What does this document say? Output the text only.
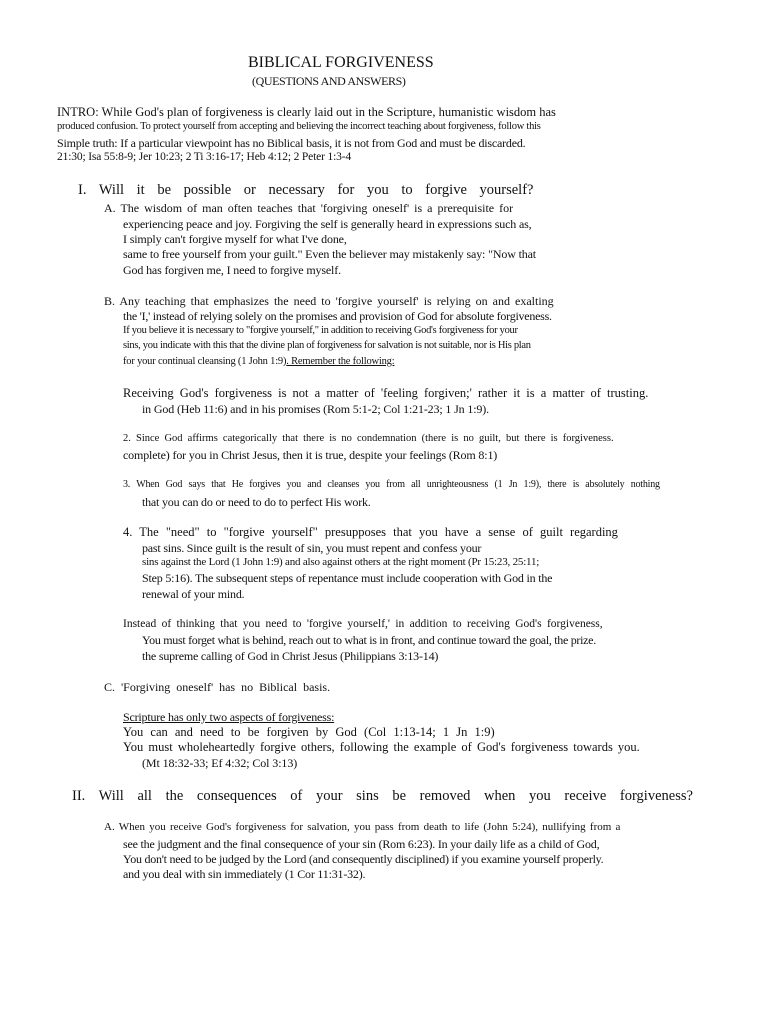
BIBLICAL FORGIVENESS
(QUESTIONS AND ANSWERS)
INTRO: While God's plan of forgiveness is clearly laid out in the Scripture, humanistic wisdom has
produced confusion. To protect yourself from accepting and believing the incorrect teaching about forgiveness, follow this
Simple truth: If a particular viewpoint has no Biblical basis, it is not from God and must be discarded.
21:30; Isa 55:8-9; Jer 10:23; 2 Ti 3:16-17; Heb 4:12; 2 Peter 1:3-4
I. Will it be possible or necessary for you to forgive yourself?
A. The wisdom of man often teaches that 'forgiving oneself' is a prerequisite for
experiencing peace and joy. Forgiving the self is generally heard in expressions such as,
I simply can't forgive myself for what I've done,
same to free yourself from your guilt." Even the believer may mistakenly say: "Now that
God has forgiven me, I need to forgive myself.
B. Any teaching that emphasizes the need to 'forgive yourself' is relying on and exalting
the 'I,' instead of relying solely on the promises and provision of God for absolute forgiveness.
If you believe it is necessary to "forgive yourself," in addition to receiving God's forgiveness for your
sins, you indicate with this that the divine plan of forgiveness for salvation is not suitable, nor is His plan
for your continual cleansing (1 John 1:9). Remember the following:
Receiving God's forgiveness is not a matter of 'feeling forgiven;' rather it is a matter of trusting.
in God (Heb 11:6) and in his promises (Rom 5:1-2; Col 1:21-23; 1 Jn 1:9).
2. Since God affirms categorically that there is no condemnation (there is no guilt, but there is forgiveness.
complete) for you in Christ Jesus, then it is true, despite your feelings (Rom 8:1)
3. When God says that He forgives you and cleanses you from all unrighteousness (1 Jn 1:9), there is absolutely nothing
that you can do or need to do to perfect His work.
4. The "need" to "forgive yourself" presupposes that you have a sense of guilt regarding
past sins. Since guilt is the result of sin, you must repent and confess your
sins against the Lord (1 John 1:9) and also against others at the right moment (Pr 15:23, 25:11;
Step 5:16). The subsequent steps of repentance must include cooperation with God in the
renewal of your mind.
Instead of thinking that you need to 'forgive yourself,' in addition to receiving God's forgiveness,
You must forget what is behind, reach out to what is in front, and continue toward the goal, the prize.
the supreme calling of God in Christ Jesus (Philippians 3:13-14)
C. 'Forgiving oneself' has no Biblical basis.
Scripture has only two aspects of forgiveness:
You can and need to be forgiven by God (Col 1:13-14; 1 Jn 1:9)
You must wholeheartedly forgive others, following the example of God's forgiveness towards you.
(Mt 18:32-33; Ef 4:32; Col 3:13)
II. Will all the consequences of your sins be removed when you receive forgiveness?
A. When you receive God's forgiveness for salvation, you pass from death to life (John 5:24), nullifying from a
see the judgment and the final consequence of your sin (Rom 6:23). In your daily life as a child of God,
You don't need to be judged by the Lord (and consequently disciplined) if you examine yourself properly.
and you deal with sin immediately (1 Cor 11:31-32).
